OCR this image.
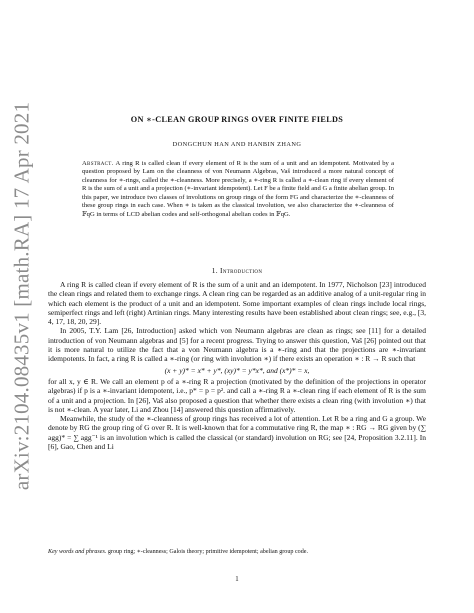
arXiv:2104.08435v1 [math.RA] 17 Apr 2021	ON ∗-CLEAN GROUP RINGS OVER FINITE FIELDS
DONGCHUN HAN AND HANBIN ZHANG
Abstract. A ring R is called clean if every element of R is the sum of a unit and an idempotent. Motivated by a question proposed by Lam on the cleanness of von Neumann Algebras, Vaš introduced a more natural concept of cleanness for ∗-rings, called the ∗-cleanness. More precisely, a ∗-ring R is called a ∗-clean ring if every element of R is the sum of a unit and a projection (∗-invariant idempotent). Let F be a finite field and G a finite abelian group. In this paper, we introduce two classes of involutions on group rings of the form FG and characterize the ∗-cleanness of these group rings in each case. When ∗ is taken as the classical involution, we also characterize the ∗-cleanness of 𝔽qG in terms of LCD abelian codes and self-orthogonal abelian codes in 𝔽qG.
1. Introduction

A ring R is called clean if every element of R is the sum of a unit and an idempotent. In 1977, Nicholson [23] introduced the clean rings and related them to exchange rings. A clean ring can be regarded as an additive analog of a unit-regular ring in which each element is the product of a unit and an idempotent. Some important examples of clean rings include local rings, semiperfect rings and left (right) Artinian rings. Many interesting results have been established about clean rings; see, e.g., [3, 4, 17, 18, 20, 29].

In 2005, T.Y. Lam [26, Introduction] asked which von Neumann algebras are clean as rings; see [11] for a detailed introduction of von Neumann algebras and [5] for a recent progress. Trying to answer this question, Vaš [26] pointed out that it is more natural to utilize the fact that a von Neumann algebra is a ∗-ring and that the projections are ∗-invariant idempotents. In fact, a ring R is called a ∗-ring (or ring with involution ∗) if there exists an operation ∗ : R → R such that

(x + y)* = x* + y*, (xy)* = y*x*, and (x*)* = x,

for all x, y ∈ R. We call an element p of a ∗-ring R a projection (motivated by the definition of the projections in operator algebras) if p is a ∗-invariant idempotent, i.e., p* = p = p². and call a ∗-ring R a ∗-clean ring if each element of R is the sum of a unit and a projection. In [26], Vaš also proposed a question that whether there exists a clean ring (with involution ∗) that is not ∗-clean. A year later, Li and Zhou [14] answered this question affirmatively.

Meanwhile, the study of the ∗-cleanness of group rings has received a lot of attention. Let R be a ring and G a group. We denote by RG the group ring of G over R. It is well-known that for a commutative ring R, the map ∗ : RG → RG given by (∑ agg)* = ∑ agg⁻¹ is an involution which is called the classical (or standard) involution on RG; see [24, Proposition 3.2.11]. In [6], Gao, Chen and Li

Key words and phrases. group ring; ∗-cleanness; Galois theory; primitive idempotent; abelian group code.
1
